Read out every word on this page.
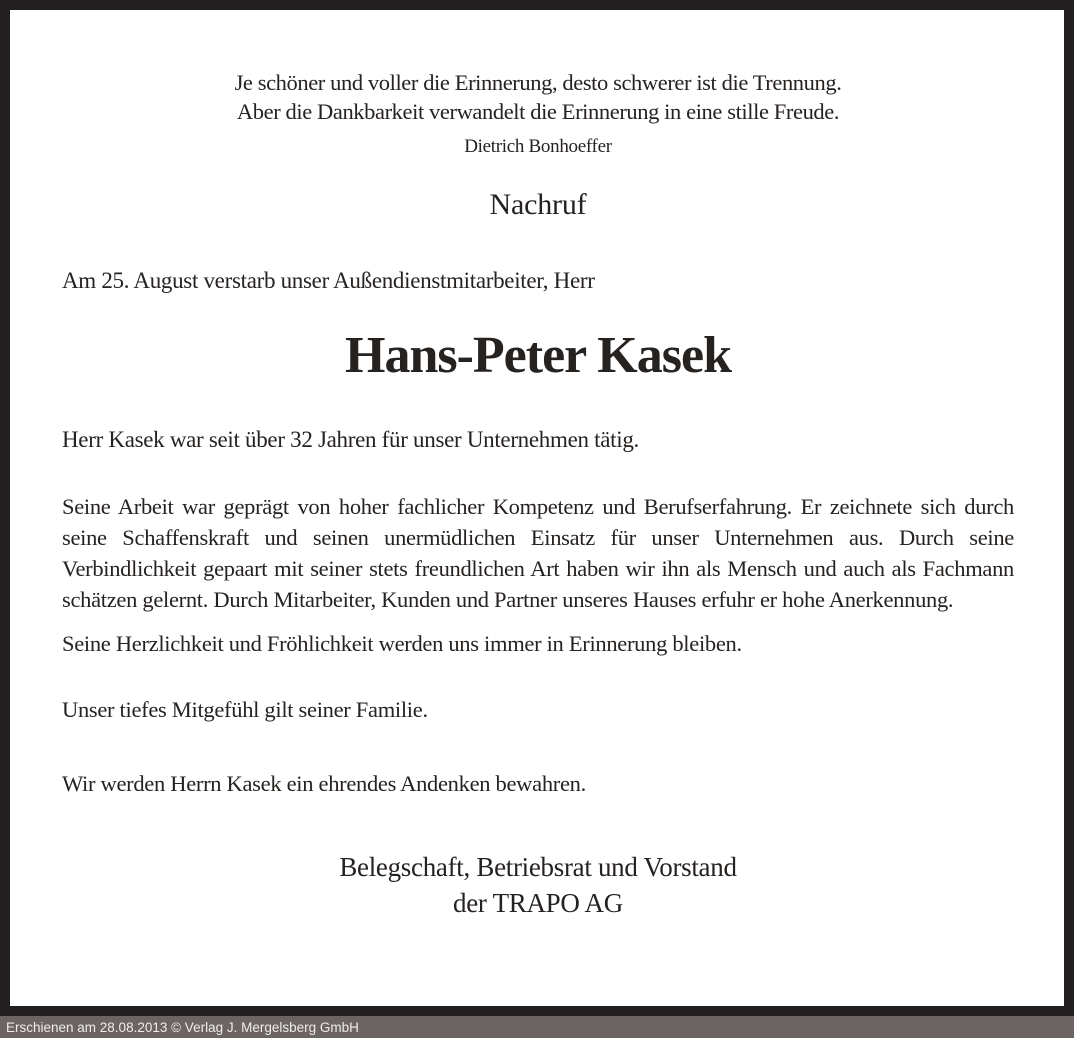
Je schöner und voller die Erinnerung, desto schwerer ist die Trennung.
Aber die Dankbarkeit verwandelt die Erinnerung in eine stille Freude.
Dietrich Bonhoeffer
Nachruf
Am 25. August verstarb unser Außendienstmitarbeiter, Herr
Hans-Peter Kasek
Herr Kasek war seit über 32 Jahren für unser Unternehmen tätig.
Seine Arbeit war geprägt von hoher fachlicher Kompetenz und Berufserfahrung. Er zeichnete sich durch seine Schaffenskraft und seinen unermüdlichen Einsatz für unser Unternehmen aus. Durch seine Verbindlichkeit gepaart mit seiner stets freundlichen Art haben wir ihn als Mensch und auch als Fachmann schätzen gelernt. Durch Mitarbeiter, Kunden und Partner unseres Hauses erfuhr er hohe Anerkennung.
Seine Herzlichkeit und Fröhlichkeit werden uns immer in Erinnerung bleiben.
Unser tiefes Mitgefühl gilt seiner Familie.
Wir werden Herrn Kasek ein ehrendes Andenken bewahren.
Belegschaft, Betriebsrat und Vorstand
der TRAPO AG
Erschienen am 28.08.2013 © Verlag J. Mergelsberg GmbH
